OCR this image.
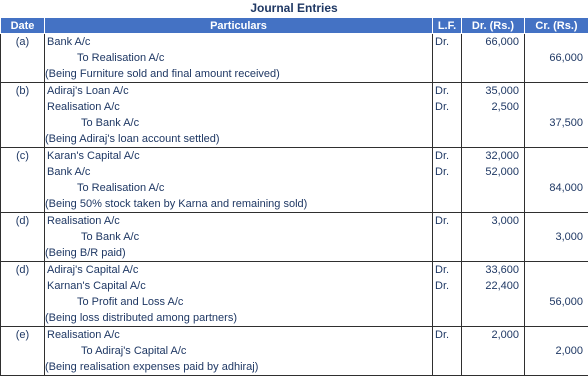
Journal Entries
Date	Particulars	L.F.	Dr. (Rs.)	Cr. (Rs.)
(a)	Bank A/c	Dr.	66,000	
	To Realisation A/c			66,000
	(Being Furniture sold and final amount received)			
(b)	Adiraj's Loan A/c	Dr.	35,000	
	Realisation A/c	Dr.	2,500	
	To Bank A/c			37,500
	(Being Adiraj's loan account settled)			
(c)	Karan's Capital A/c	Dr.	32,000	
	Bank A/c	Dr.	52,000	
	To Realisation A/c			84,000
	(Being 50% stock taken by Karna and remaining sold)			
(d)	Realisation A/c	Dr.	3,000	
	To Bank A/c			3,000
	(Being B/R paid)			
(d)	Adiraj's Capital A/c	Dr.	33,600	
	Karnan's Capital A/c	Dr.	22,400	
	To Profit and Loss A/c			56,000
	(Being loss distributed among partners)			
(e)	Realisation A/c	Dr.	2,000	
	To Adiraj's Capital A/c			2,000
	(Being realisation expenses paid by adhiraj)			
